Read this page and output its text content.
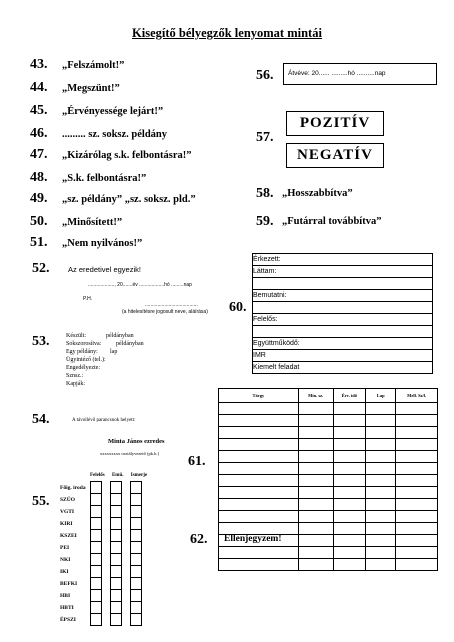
Kisegítő bélyegzők lenyomat mintái
43. „Felszámolt!”
44. „Megszünt!”
45. „Érvényessége lejárt!”
46. ......... sz. soksz. példány
47. „Kizárólag s.k. felbontásra!”
48. „S.k. felbontásra!”
49. „sz. példány” „sz. soksz. pld.”
50. „Minősített!”
51. „Nem nyilvános!”
56.	Átvéve: 20...... .........hó ..........nap
57.
POZITÍV
NEGATÍV
58. „Hosszabbítva”
59. „Futárral továbbítva”
52. Az eredetivel egyezik!
..................., 20.......év ..................hó .........nap
P.H.
......................................
(a hitelesítésre jogosult neve, aláírása) 60.
Érkezett:	
Láttam:	

Bemutatni:	

Felelős:	

Együttműködő:	
IMR	
Kiemelt feladat	
53.	Készült:	példányban
Sokszorosítva: példányban
Egy példány: lap
Ügyintéző (tel.):
Engedélyezte:
Sznsz.:
Kapják:
54.	A távollévő parancsnok helyett:
Minta János ezredes
xxxxxxxxx osztályvezető (pk.h.)
55.
Felelős Emü. Ismerje
Főig. iroda					
SZÜO					
VGTI					
KIRI					
KSZEI					
PEI					
NKI					
IKI					
BEFKI					
HBI					
HBTI					
ÉPSZI					
61.
Tárgy	Min. sz.	Érv. idő	Lap	Mell. Sz/l.

62. Ellenjegyzem!
